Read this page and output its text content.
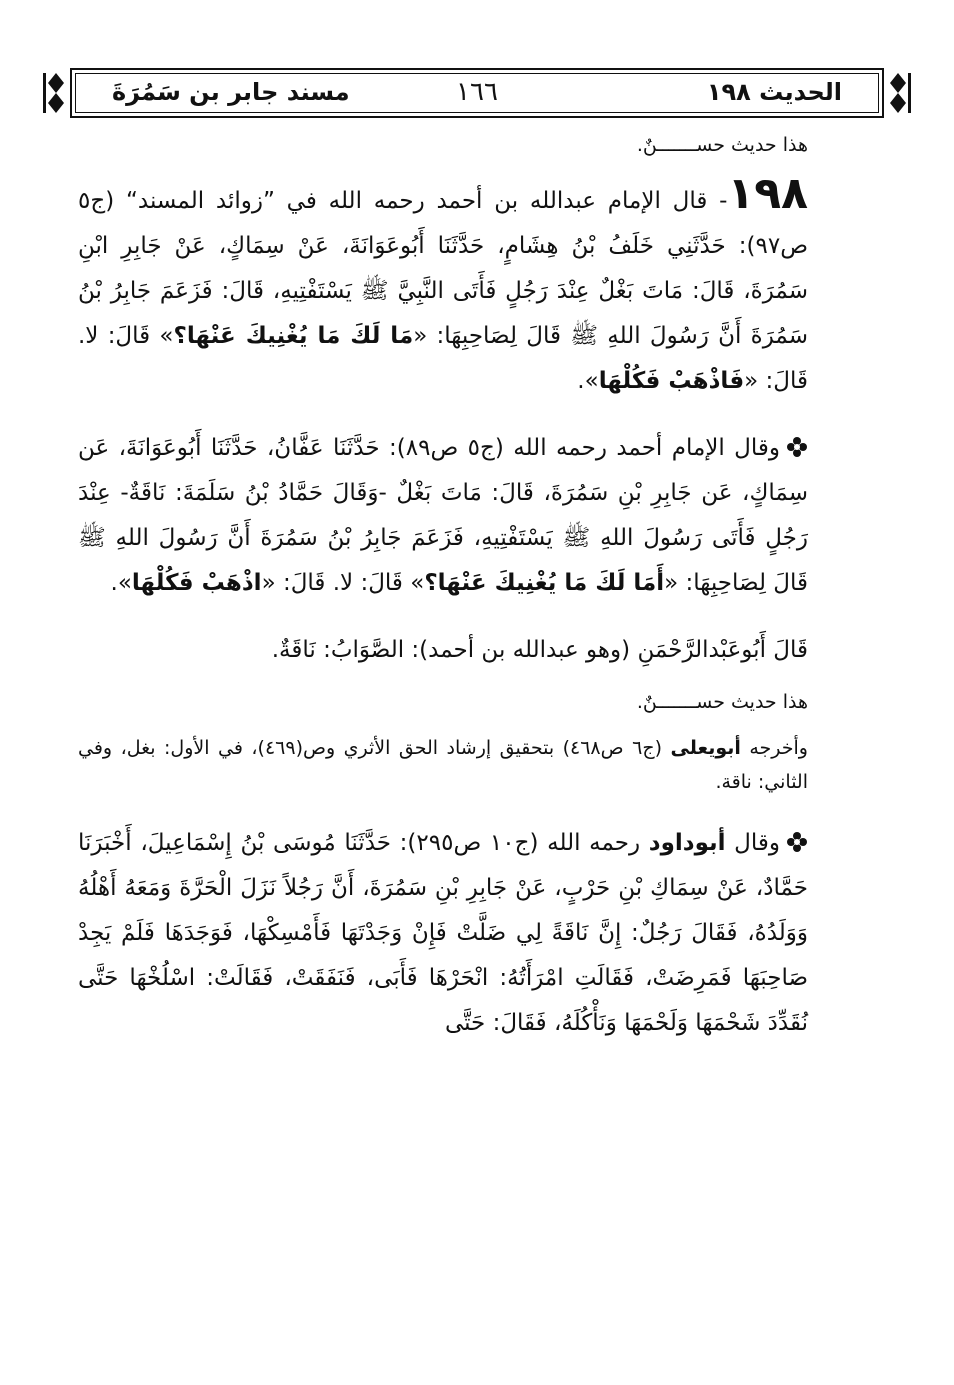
الحديث ١٩٨
١٦٦
مسند جابر بن سَمُرَةَ

هذا حديث حســـــــنٌ.

١٩٨- قال الإمام عبدالله بن أحمد رحمه الله في ”زوائد المسند“ (ج٥ ص٩٧): حَدَّثَنِي خَلَفُ بْنُ هِشَامٍ، حَدَّثَنَا أَبُوعَوَانَةَ، عَنْ سِمَاكٍ، عَنْ جَابِرِ ابْنِ سَمُرَةَ، قَالَ: مَاتَ بَغْلٌ عِنْدَ رَجُلٍ فَأَتَى النَّبِيَّ ﷺ يَسْتَفْتِيهِ، قَالَ: فَزَعَمَ جَابِرُ بْنُ سَمُرَةَ أَنَّ رَسُولَ اللهِ ﷺ قَالَ لِصَاحِبِهَا: «مَا لَكَ مَا يُغْنِيكَ عَنْهَا؟» قَالَ: لا. قَالَ: «فَاذْهَبْ فَكُلْهَا».

وقال الإمام أحمد رحمه الله (ج٥ ص٨٩): حَدَّثَنَا عَفَّانُ، حَدَّثَنَا أَبُوعَوَانَةَ، عَن سِمَاكٍ، عَن جَابِرِ بْنِ سَمُرَةَ، قَالَ: مَاتَ بَغْلٌ -وَقَالَ حَمَّادُ بْنُ سَلَمَةَ: نَاقَةٌ- عِنْدَ رَجُلٍ فَأَتَى رَسُولَ اللهِ ﷺ يَسْتَفْتِيهِ، فَزَعَمَ جَابِرُ بْنُ سَمُرَةَ أَنَّ رَسُولَ اللهِ ﷺ قَالَ لِصَاحِبِهَا: «أَمَا لَكَ مَا يُغْنِيكَ عَنْهَا؟» قَالَ: لا. قَالَ: «اذْهَبْ فَكُلْهَا».

قَالَ أَبُوعَبْدالرَّحْمَنِ (وهو عبدالله بن أحمد): الصَّوَابُ: نَاقَةٌ.

هذا حديث حســـــــنٌ.

وأخرجه أبويعلى (ج٦ ص٤٦٨) بتحقيق إرشاد الحق الأثري وص(٤٦٩)، في الأول: بغل، وفي الثاني: ناقة.

وقال أبوداود رحمه الله (ج١٠ ص٢٩٥): حَدَّثَنَا مُوسَى بْنُ إِسْمَاعِيلَ، أَخْبَرَنَا حَمَّادٌ، عَنْ سِمَاكِ بْنِ حَرْبٍ، عَنْ جَابِرِ بْنِ سَمُرَةَ، أَنَّ رَجُلاً نَزَلَ الْحَرَّةَ وَمَعَهُ أَهْلُهُ وَوَلَدُهُ، فَقَالَ رَجُلٌ: إِنَّ نَاقَةً لِي ضَلَّتْ فَإِنْ وَجَدْتَهَا فَأَمْسِكْهَا، فَوَجَدَهَا فَلَمْ يَجِدْ صَاحِبَهَا فَمَرِضَتْ، فَقَالَتِ امْرَأَتُهُ: انْحَرْهَا فَأَبَى، فَنَفَقَتْ، فَقَالَتْ: اسْلُخْهَا حَتَّى نُقَدِّدَ شَحْمَهَا وَلَحْمَهَا وَنَأْكُلَهُ، فَقَالَ: حَتَّى
